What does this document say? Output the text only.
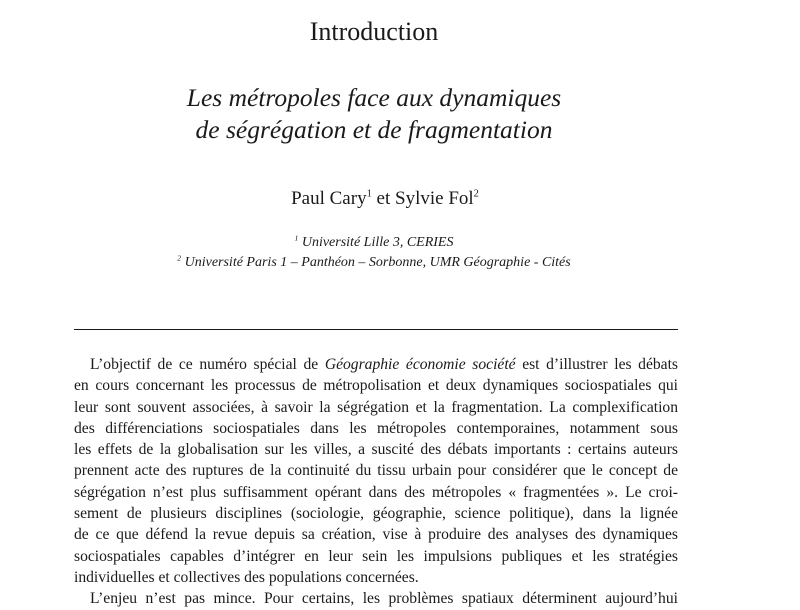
Introduction
Les métropoles face aux dynamiques
de ségrégation et de fragmentation
Paul Cary$^1$ et Sylvie Fol$^2$
$^1$ Université Lille 3, CERIES
$^2$ Université Paris 1 – Panthéon – Sorbonne, UMR Géographie - Cités
L’objectif de ce numéro spécial de Géographie économie société est d’illustrer les débats
en cours concernant les processus de métropolisation et deux dynamiques sociospatiales qui
leur sont souvent associées, à savoir la ségrégation et la fragmentation. La complexification
des différenciations sociospatiales dans les métropoles contemporaines, notamment sous
les effets de la globalisation sur les villes, a suscité des débats importants : certains auteurs
prennent acte des ruptures de la continuité du tissu urbain pour considérer que le concept de
ségrégation n’est plus suffisamment opérant dans des métropoles « fragmentées ». Le croi-
sement de plusieurs disciplines (sociologie, géographie, science politique), dans la lignée
de ce que défend la revue depuis sa création, vise à produire des analyses des dynamiques
sociospatiales capables d’intégrer en leur sein les impulsions publiques et les stratégies
individuelles et collectives des populations concernées.
L’enjeu n’est pas mince. Pour certains, les problèmes spatiaux déterminent aujourd’hui
